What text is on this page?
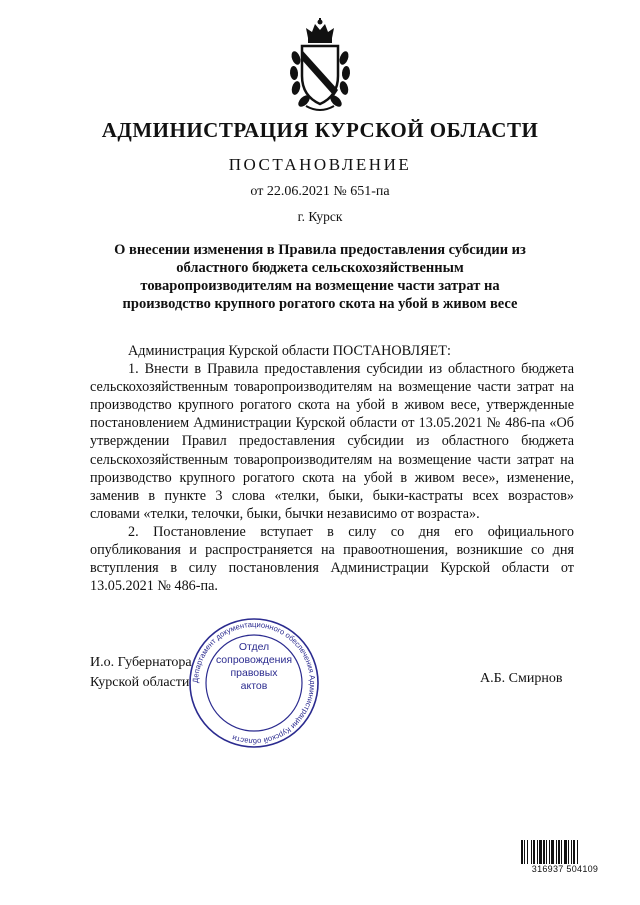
АДМИНИСТРАЦИЯ КУРСКОЙ ОБЛАСТИ
ПОСТАНОВЛЕНИЕ
от 22.06.2021 № 651-па
г. Курск
О внесении изменения в Правила предоставления субсидии из областного бюджета сельскохозяйственным товаропроизводителям на возмещение части затрат на производство крупного рогатого скота на убой в живом весе

Администрация Курской области ПОСТАНОВЛЯЕТ:

1. Внести в Правила предоставления субсидии из областного бюджета сельскохозяйственным товаропроизводителям на возмещение части затрат на производство крупного рогатого скота на убой в живом весе, утвержденные постановлением Администрации Курской области от 13.05.2021 № 486-па «Об утверждении Правил предоставления субсидии из областного бюджета сельскохозяйственным товаропроизводителям на возмещение части затрат на производство крупного рогатого скота на убой в живом весе», изменение, заменив в пункте 3 слова «телки, быки, быки-кастраты всех возрастов» словами «телки, телочки, быки, бычки независимо от возраста».

2. Постановление вступает в силу со дня его официального опубликования и распространяется на правоотношения, возникшие со дня вступления в силу постановления Администрации Курской области от 13.05.2021 № 486-па.

И.о. Губернатора
Курской области	А.Б. Смирнов
Департамент документационного обеспечения Администрации Курской области
Отдел
сопровождения
правовых
актов
316937 504109
